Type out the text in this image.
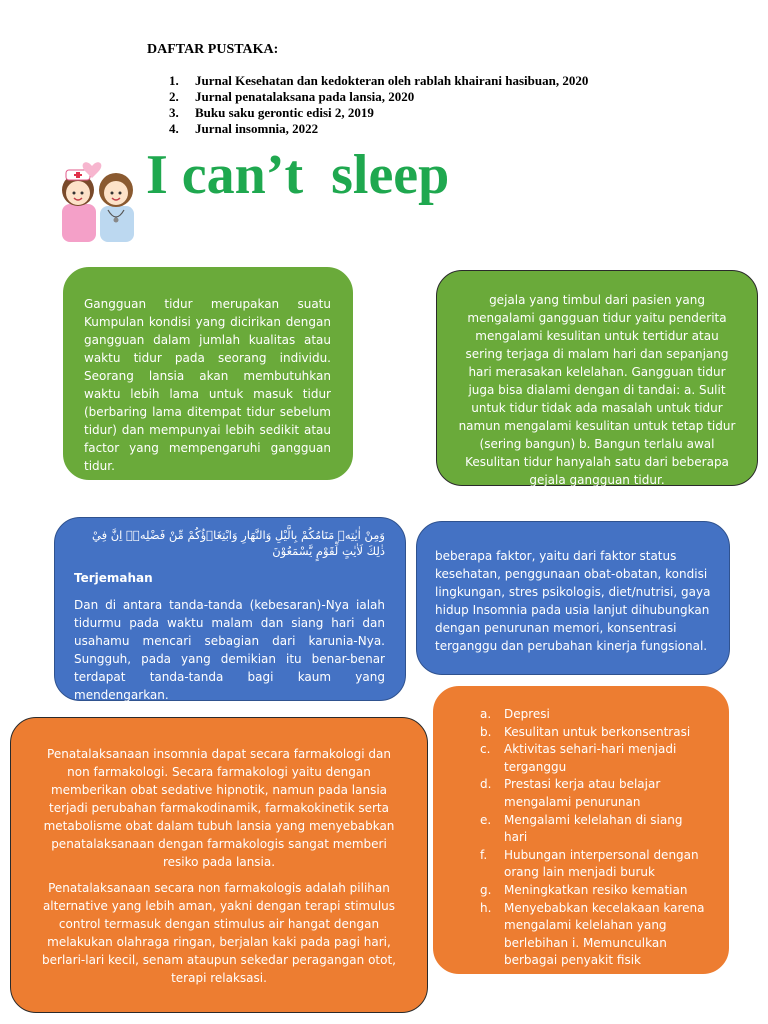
DAFTAR PUSTAKA:
1.	Jurnal Kesehatan dan kedokteran oleh rablah khairani hasibuan, 2020
2.	Jurnal penatalaksana pada lansia, 2020
3.	Buku saku gerontic edisi 2, 2019
4.	Jurnal insomnia, 2022
I can’t  sleep
Gangguan tidur merupakan suatu Kumpulan kondisi yang dicirikan dengan gangguan dalam jumlah kualitas atau waktu tidur pada seorang individu. Seorang lansia akan membutuhkan waktu lebih lama untuk masuk tidur (berbaring lama ditempat tidur sebelum tidur) dan mempunyai lebih sedikit atau factor yang mempengaruhi gangguan tidur.
gejala yang timbul dari pasien yang mengalami gangguan tidur yaitu penderita mengalami kesulitan untuk tertidur atau sering terjaga di malam hari dan sepanjang hari merasakan kelelahan. Gangguan tidur juga bisa dialami dengan di tandai: a. Sulit untuk tidur tidak ada masalah untuk tidur namun mengalami kesulitan untuk tetap tidur (sering bangun) b. Bangun terlalu awal Kesulitan tidur hanyalah satu dari beberapa gejala gangguan tidur.
وَمِنْ اٰيٰتِهٖ مَنَامُكُمْ بِالَّيْلِ وَالنَّهَارِ وَابْتِغَاۤؤُكُمْ مِّنْ فَضْلِهٖۗ اِنَّ فِيْ ذٰلِكَ لَاٰيٰتٍ لِّقَوْمٍ يَّسْمَعُوْنَ
Terjemahan
Dan di antara tanda-tanda (kebesaran)-Nya ialah tidurmu pada waktu malam dan siang hari dan usahamu mencari sebagian dari karunia-Nya. Sungguh, pada yang demikian itu benar-benar terdapat tanda-tanda bagi kaum yang mendengarkan.
beberapa faktor, yaitu dari faktor status kesehatan, penggunaan obat-obatan, kondisi lingkungan, stres psikologis, diet/nutrisi, gaya hidup Insomnia pada usia lanjut dihubungkan dengan penurunan memori, konsentrasi terganggu dan perubahan kinerja fungsional.

Penatalaksanaan insomnia dapat secara farmakologi dan non farmakologi. Secara farmakologi yaitu dengan memberikan obat sedative hipnotik, namun pada lansia terjadi perubahan farmakodinamik, farmakokinetik serta metabolisme obat dalam tubuh lansia yang menyebabkan penatalaksanaan dengan farmakologis sangat memberi resiko pada lansia.

Penatalaksanaan secara non farmakologis adalah pilihan alternative yang lebih aman, yakni dengan terapi stimulus control termasuk dengan stimulus air hangat dengan melakukan olahraga ringan, berjalan kaki pada pagi hari, berlari-lari kecil, senam ataupun sekedar peragangan otot, terapi relaksasi.

a.	Depresi
b.	Kesulitan untuk berkonsentrasi
c.	Aktivitas sehari-hari menjadi terganggu
d.	Prestasi kerja atau belajar mengalami penurunan
e.	Mengalami kelelahan di siang hari
f.	Hubungan interpersonal dengan orang lain menjadi buruk
g.	Meningkatkan resiko kematian
h.	Menyebabkan kecelakaan karena mengalami kelelahan yang berlebihan i. Memunculkan berbagai penyakit fisik
